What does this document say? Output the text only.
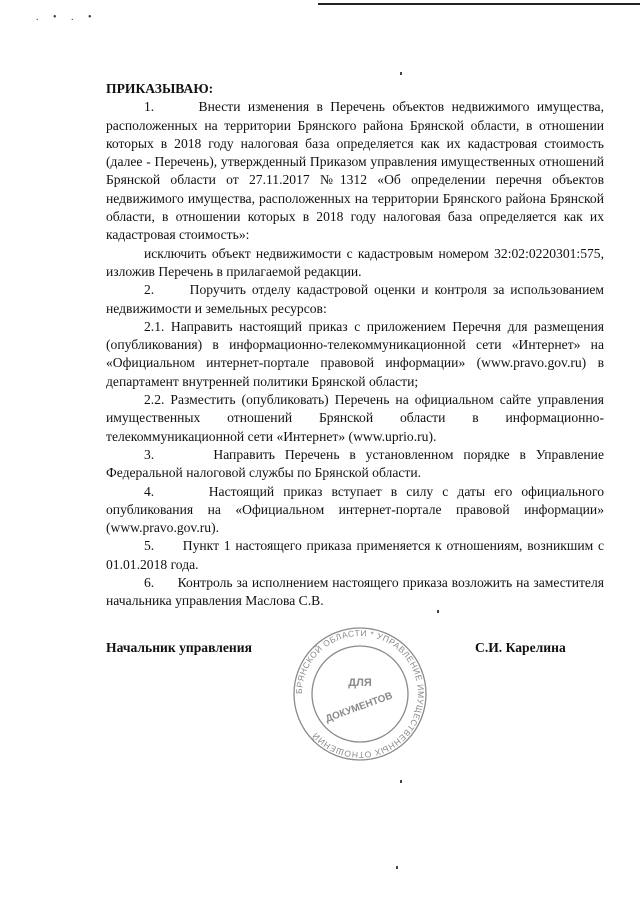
. • . •

ПРИКАЗЫВАЮ:

1.      Внести изменения в Перечень объектов недвижимого имущества, расположенных на территории Брянского района Брянской области, в отношении которых в 2018 году налоговая база определяется как их кадастровая стоимость (далее - Перечень), утвержденный Приказом управления имущественных отношений Брянской области от 27.11.2017 №1312 «Об определении перечня объектов недвижимого имущества, расположенных на территории Брянского района Брянской области, в отношении которых в 2018 году налоговая база определяется как их кадастровая стоимость»:

исключить объект недвижимости с кадастровым номером 32:02:0220301:575, изложив Перечень в прилагаемой редакции.

2.      Поручить отделу кадастровой оценки и контроля за использованием недвижимости и земельных ресурсов:

2.1. Направить настоящий приказ с приложением Перечня для размещения (опубликования) в информационно-телекоммуникационной сети «Интернет» на «Официальном интернет-портале правовой информации» (www.pravo.gov.ru) в департамент внутренней политики Брянской области;

2.2. Разместить (опубликовать) Перечень на официальном сайте управления имущественных отношений Брянской области в информационно-телекоммуникационной сети «Интернет» (www.uprio.ru).

3.      Направить Перечень в установленном порядке в Управление Федеральной налоговой службы по Брянской области.

4.      Настоящий приказ вступает в силу с даты его официального опубликования на «Официальном интернет-портале правовой информации» (www.pravo.gov.ru).

5.      Пункт 1 настоящего приказа применяется к отношениям, возникшим с 01.01.2018 года.

6.      Контроль за исполнением настоящего приказа возложить на заместителя начальника управления Маслова С.В.

Начальник управления	С.И. Карелина
БРЯНСКОЙ ОБЛАСТИ * УПРАВЛЕНИЕ ИМУЩЕСТВЕННЫХ ОТНОШЕНИЙ
ДЛЯ
ДОКУМЕНТОВ
